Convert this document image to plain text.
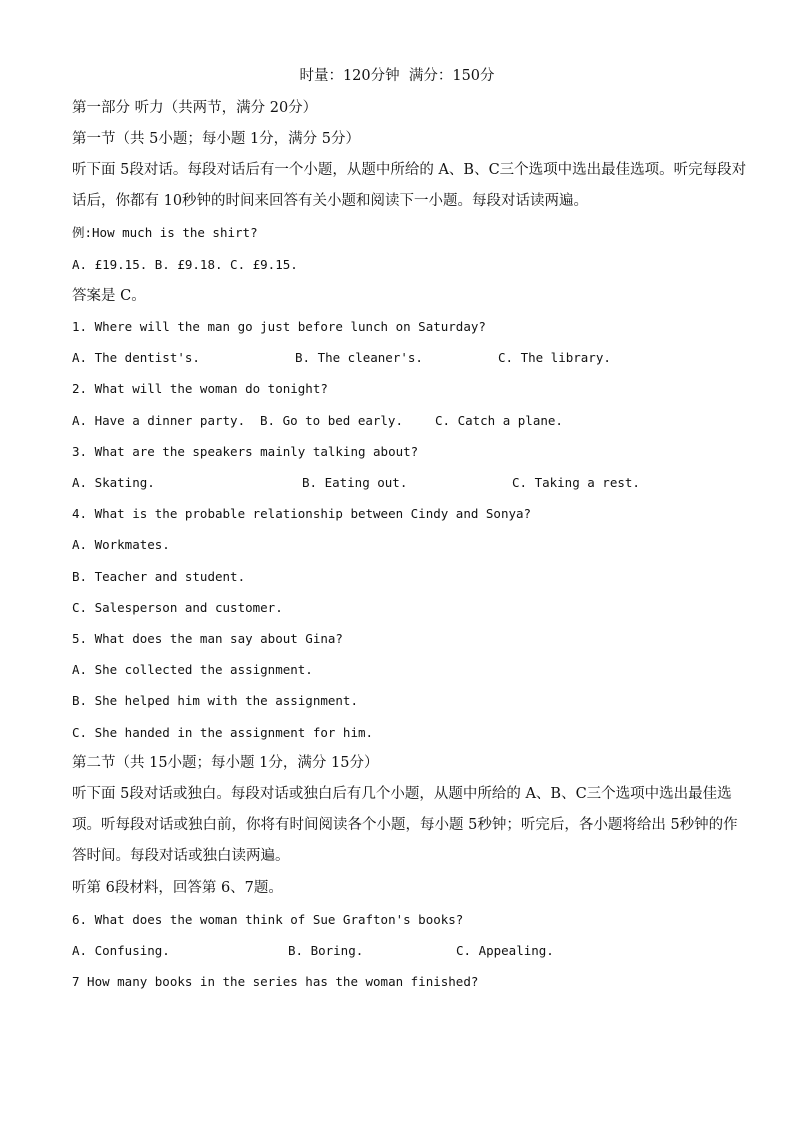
时量：120分钟  满分：150分
第一部分 听力（共两节，满分 20分）
第一节（共 5小题；每小题 1分，满分 5分）
听下面 5段对话。每段对话后有一个小题，从题中所给的 A、B、C三个选项中选出最佳选项。听完每段对
话后，你都有 10秒钟的时间来回答有关小题和阅读下一小题。每段对话读两遍。
例:How much is the shirt?
A. £19.15. B. £9.18. C. £9.15.
答案是 C。
1. Where will the man go just before lunch on Saturday?
A. The dentist's.	B. The cleaner's.	C. The library.
2. What will the woman do tonight?
A. Have a dinner party. B. Go to bed early.	C. Catch a plane.
3. What are the speakers mainly talking about?
A. Skating.	B. Eating out.	C. Taking a rest.
4. What is the probable relationship between Cindy and Sonya?
A. Workmates.
B. Teacher and student.
C. Salesperson and customer.
5. What does the man say about Gina?
A. She collected the assignment.
B. She helped him with the assignment.
C. She handed in the assignment for him.
第二节（共 15小题；每小题 1分，满分 15分）
听下面 5段对话或独白。每段对话或独白后有几个小题，从题中所给的 A、B、C三个选项中选出最佳选
项。听每段对话或独白前，你将有时间阅读各个小题，每小题 5秒钟；听完后，各小题将给出 5秒钟的作
答时间。每段对话或独白读两遍。
听第 6段材料，回答第 6、7题。
6. What does the woman think of Sue Grafton's books?
A. Confusing.	B. Boring.	C. Appealing.
7 How many books in the series has the woman finished?
